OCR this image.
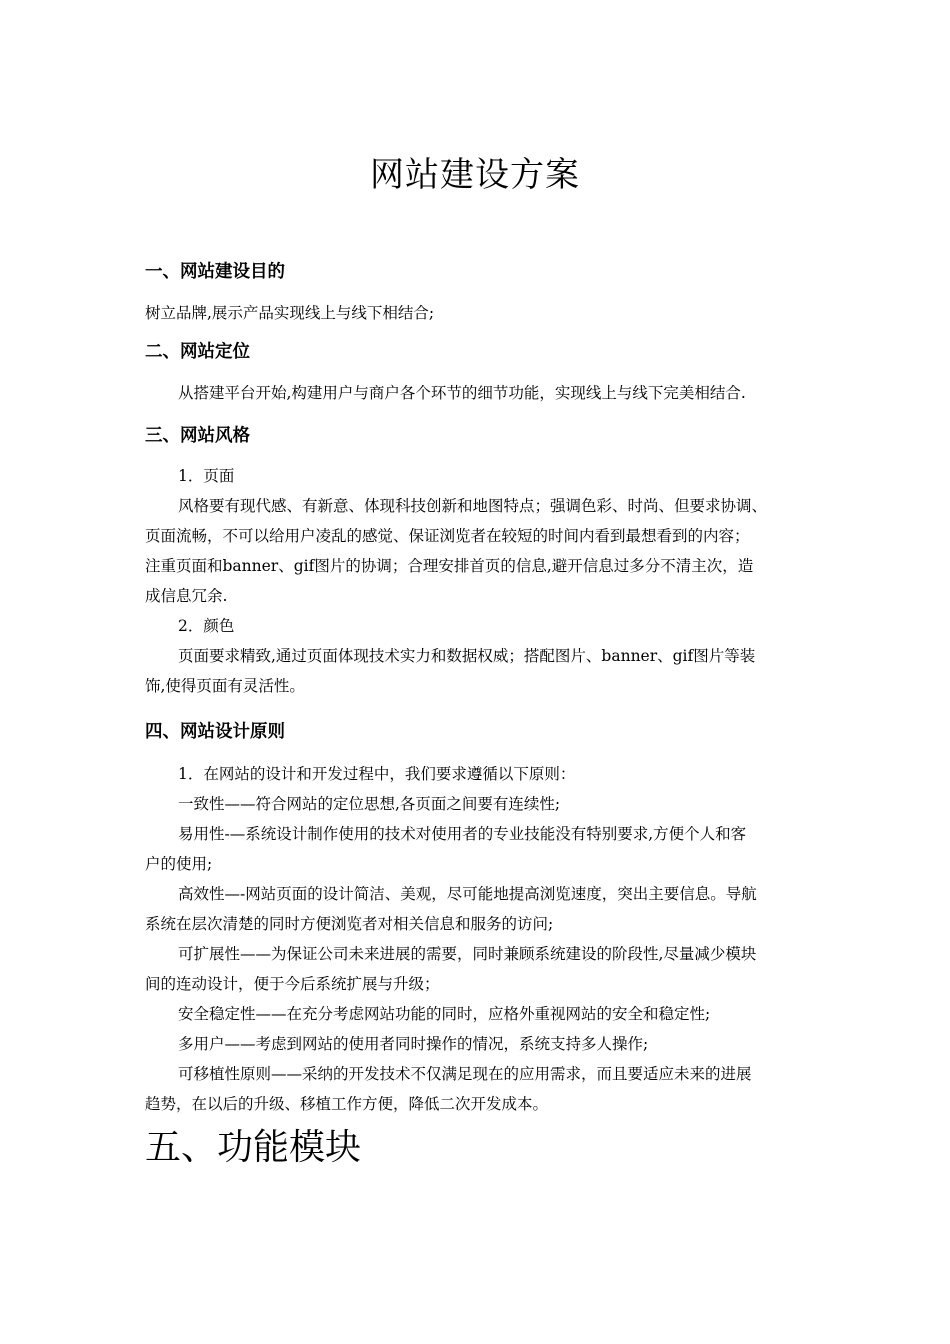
网站建设方案
一、网站建设目的
树立品牌,展示产品实现线上与线下相结合;
二、网站定位
从搭建平台开始,构建用户与商户各个环节的细节功能，实现线上与线下完美相结合.
三、网站风格
1．页面
风格要有现代感、有新意、体现科技创新和地图特点；强调色彩、时尚、但要求协调、
页面流畅，不可以给用户凌乱的感觉、保证浏览者在较短的时间内看到最想看到的内容；
注重页面和banner、gif图片的协调；合理安排首页的信息,避开信息过多分不清主次，造
成信息冗余.
2．颜色
页面要求精致,通过页面体现技术实力和数据权威；搭配图片、banner、gif图片等装
饰,使得页面有灵活性。
四、网站设计原则
1．在网站的设计和开发过程中，我们要求遵循以下原则：
一致性——符合网站的定位思想,各页面之间要有连续性;
易用性-—系统设计制作使用的技术对使用者的专业技能没有特别要求,方便个人和客
户的使用;
高效性—-网站页面的设计简洁、美观，尽可能地提高浏览速度，突出主要信息。导航
系统在层次清楚的同时方便浏览者对相关信息和服务的访问;
可扩展性——为保证公司未来进展的需要，同时兼顾系统建设的阶段性,尽量减少模块
间的连动设计，便于今后系统扩展与升级；
安全稳定性——在充分考虑网站功能的同时，应格外重视网站的安全和稳定性;
多用户——考虑到网站的使用者同时操作的情况，系统支持多人操作;
可移植性原则——采纳的开发技术不仅满足现在的应用需求，而且要适应未来的进展
趋势，在以后的升级、移植工作方便，降低二次开发成本。
五、功能模块
